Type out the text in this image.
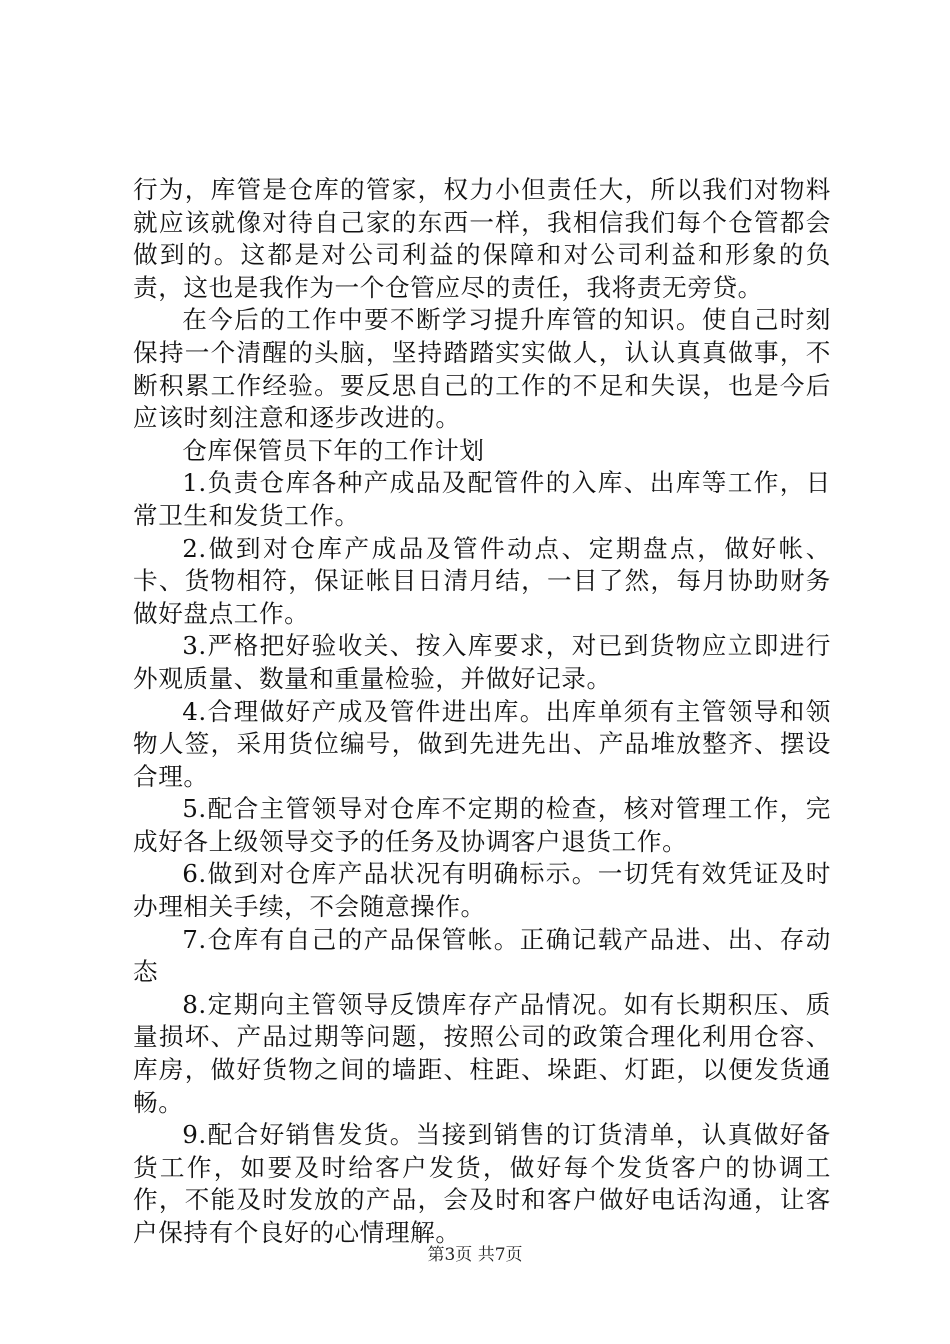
行为，库管是仓库的管家，权力小但责任大，所以我们对物料就应该就像对待自己家的东西一样，我相信我们每个仓管都会做到的。这都是对公司利益的保障和对公司利益和形象的负责，这也是我作为一个仓管应尽的责任，我将责无旁贷。

在今后的工作中要不断学习提升库管的知识。使自己时刻保持一个清醒的头脑，坚持踏踏实实做人，认认真真做事，不断积累工作经验。要反思自己的工作的不足和失误，也是今后应该时刻注意和逐步改进的。

仓库保管员下年的工作计划

1.负责仓库各种产成品及配管件的入库、出库等工作，日常卫生和发货工作。

2.做到对仓库产成品及管件动点、定期盘点，做好帐、卡、货物相符，保证帐目日清月结，一目了然，每月协助财务做好盘点工作。

3.严格把好验收关、按入库要求，对已到货物应立即进行外观质量、数量和重量检验，并做好记录。

4.合理做好产成及管件进出库。出库单须有主管领导和领物人签，采用货位编号，做到先进先出、产品堆放整齐、摆设合理。

5.配合主管领导对仓库不定期的检查，核对管理工作，完成好各上级领导交予的任务及协调客户退货工作。

6.做到对仓库产品状况有明确标示。一切凭有效凭证及时办理相关手续，不会随意操作。

7.仓库有自己的产品保管帐。正确记载产品进、出、存动态

8.定期向主管领导反馈库存产品情况。如有长期积压、质量损坏、产品过期等问题，按照公司的政策合理化利用仓容、库房，做好货物之间的墙距、柱距、垛距、灯距，以便发货通畅。

9.配合好销售发货。当接到销售的订货清单，认真做好备货工作，如要及时给客户发货，做好每个发货客户的协调工作，不能及时发放的产品，会及时和客户做好电话沟通，让客户保持有个良好的心情理解。

第3页 共7页
